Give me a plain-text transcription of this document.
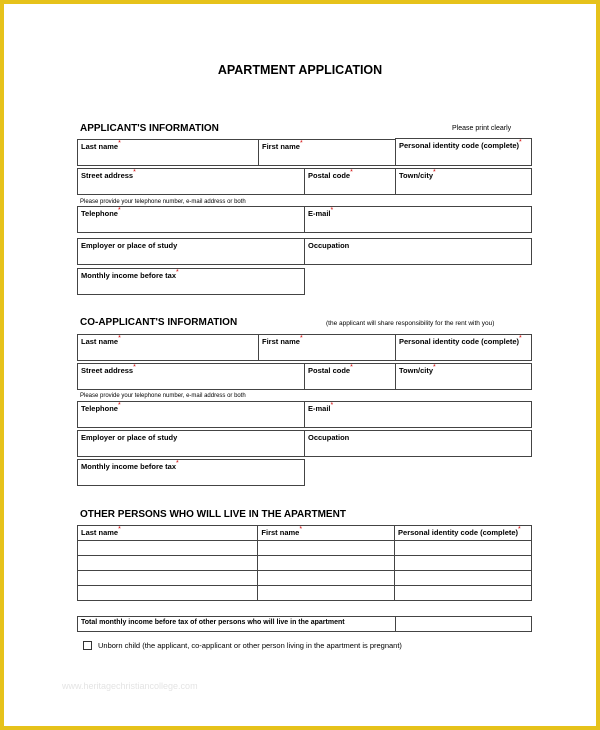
APARTMENT APPLICATION
APPLICANT'S INFORMATION	Please print clearly
Last name*	First name*	Personal identity code (complete)*
Street address*	Postal code*	Town/city*
Please provide your telephone number, e-mail address or both
Telephone*	E-mail*
Employer or place of study	Occupation
Monthly income before tax*
CO-APPLICANT'S INFORMATION	(the applicant will share responsibility for the rent with you)
Last name*	First name*	Personal identity code (complete)*
Street address*	Postal code*	Town/city*
Please provide your telephone number, e-mail address or both
Telephone*	E-mail*
Employer or place of study	Occupation
Monthly income before tax*
OTHER PERSONS WHO WILL LIVE IN THE APARTMENT
Last name*	First name*	Personal identity code (complete)*

Total monthly income before tax of other persons who will live in the apartment	
Unborn child (the applicant, co-applicant or other person living in the apartment is pregnant)
www.heritagechristiancollege.com
